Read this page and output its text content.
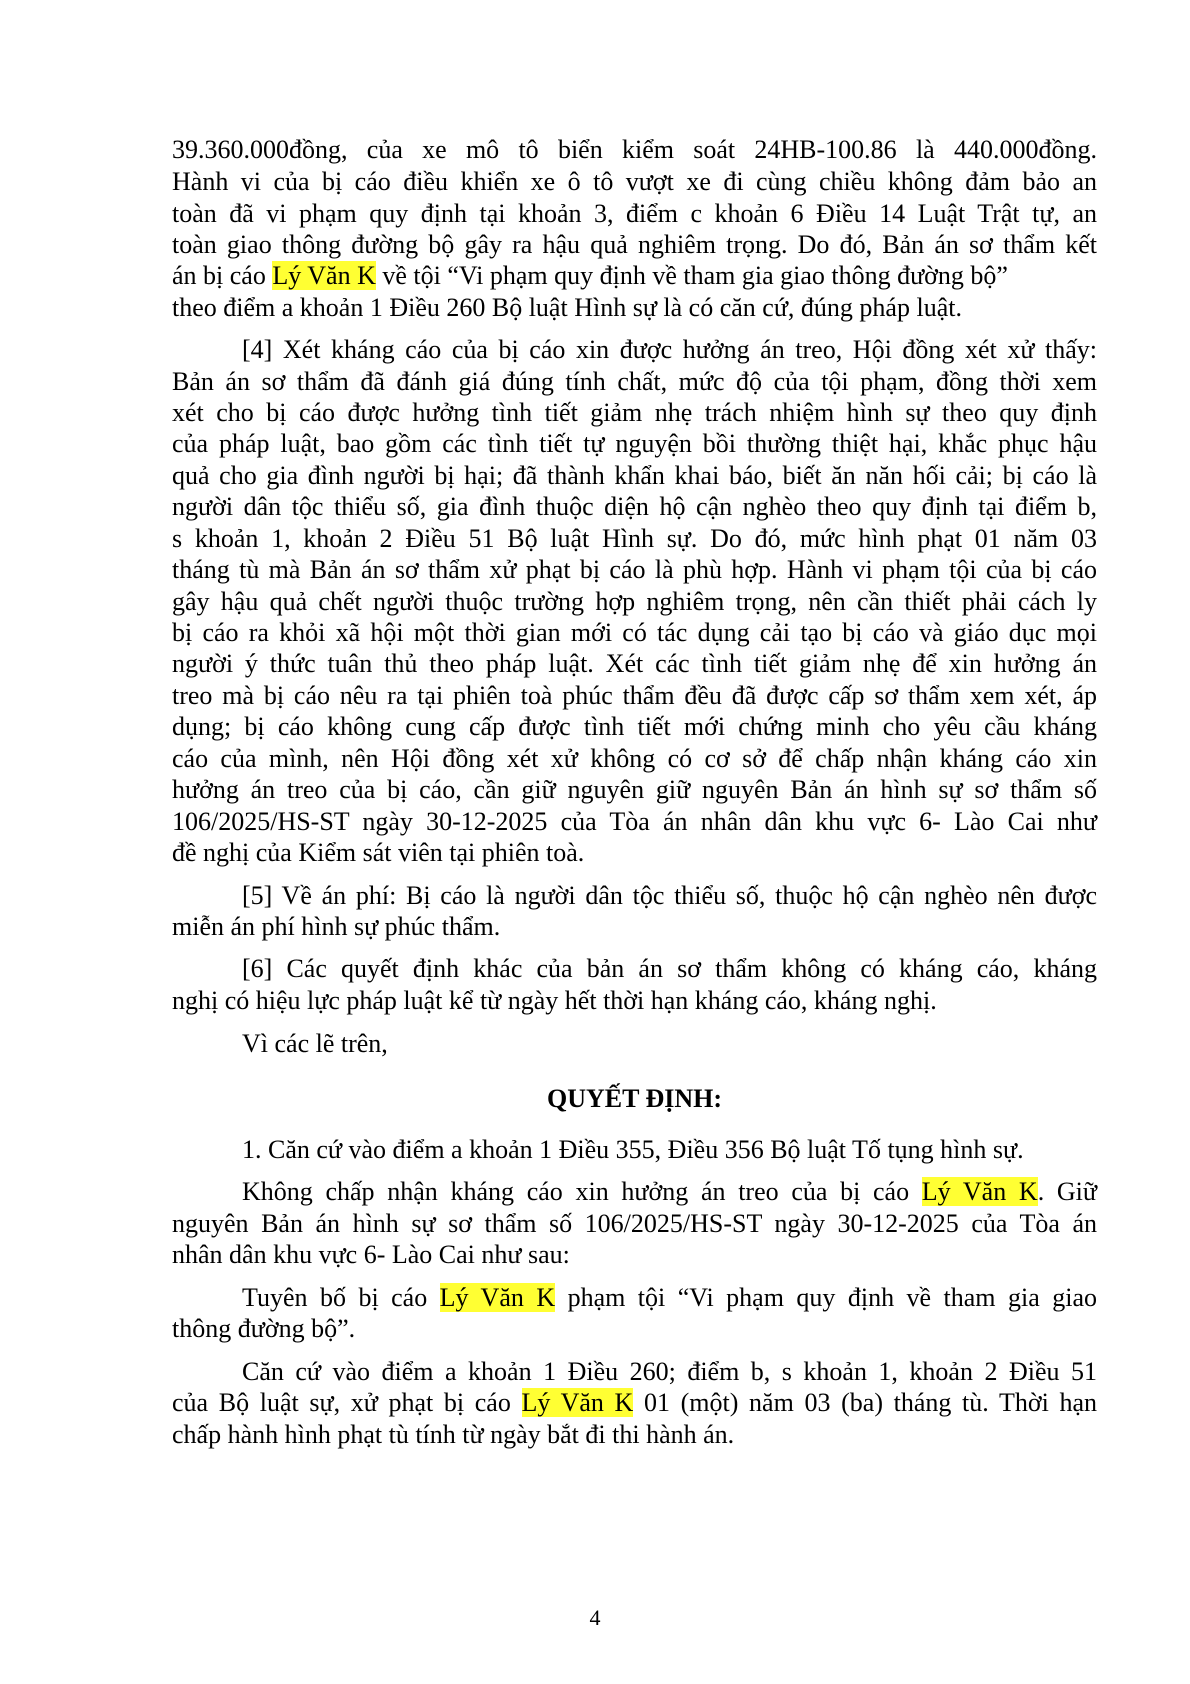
39.360.000đồng, của xe mô tô biển kiểm soát 24HB-100.86 là 440.000đồng.
Hành vi của bị cáo điều khiển xe ô tô vượt xe đi cùng chiều không đảm bảo an
toàn đã vi phạm quy định tại khoản 3, điểm c khoản 6 Điều 14 Luật Trật tự, an
toàn giao thông đường bộ gây ra hậu quả nghiêm trọng. Do đó, Bản án sơ thẩm kết
án bị cáo Lý Văn K về tội “Vi phạm quy định về tham gia giao thông đường bộ”
theo điểm a khoản 1 Điều 260 Bộ luật Hình sự là có căn cứ, đúng pháp luật.
[4] Xét kháng cáo của bị cáo xin được hưởng án treo, Hội đồng xét xử thấy:
Bản án sơ thẩm đã đánh giá đúng tính chất, mức độ của tội phạm, đồng thời xem
xét cho bị cáo được hưởng tình tiết giảm nhẹ trách nhiệm hình sự theo quy định
của pháp luật, bao gồm các tình tiết tự nguyện bồi thường thiệt hại, khắc phục hậu
quả cho gia đình người bị hại; đã thành khẩn khai báo, biết ăn năn hối cải; bị cáo là
người dân tộc thiểu số, gia đình thuộc diện hộ cận nghèo theo quy định tại điểm b,
s khoản 1, khoản 2 Điều 51 Bộ luật Hình sự. Do đó, mức hình phạt 01 năm 03
tháng tù mà Bản án sơ thẩm xử phạt bị cáo là phù hợp. Hành vi phạm tội của bị cáo
gây hậu quả chết người thuộc trường hợp nghiêm trọng, nên cần thiết phải cách ly
bị cáo ra khỏi xã hội một thời gian mới có tác dụng cải tạo bị cáo và giáo dục mọi
người ý thức tuân thủ theo pháp luật. Xét các tình tiết giảm nhẹ để xin hưởng án
treo mà bị cáo nêu ra tại phiên toà phúc thẩm đều đã được cấp sơ thẩm xem xét, áp
dụng; bị cáo không cung cấp được tình tiết mới chứng minh cho yêu cầu kháng
cáo của mình, nên Hội đồng xét xử không có cơ sở để chấp nhận kháng cáo xin
hưởng án treo của bị cáo, cần giữ nguyên giữ nguyên Bản án hình sự sơ thẩm số
106/2025/HS-ST ngày 30-12-2025 của Tòa án nhân dân khu vực 6- Lào Cai như
đề nghị của Kiểm sát viên tại phiên toà.
[5] Về án phí: Bị cáo là người dân tộc thiểu số, thuộc hộ cận nghèo nên được
miễn án phí hình sự phúc thẩm.
[6] Các quyết định khác của bản án sơ thẩm không có kháng cáo, kháng
nghị có hiệu lực pháp luật kể từ ngày hết thời hạn kháng cáo, kháng nghị.
Vì các lẽ trên,
QUYẾT ĐỊNH:
1. Căn cứ vào điểm a khoản 1 Điều 355, Điều 356 Bộ luật Tố tụng hình sự.
Không chấp nhận kháng cáo xin hưởng án treo của bị cáo Lý Văn K. Giữ
nguyên Bản án hình sự sơ thẩm số 106/2025/HS-ST ngày 30-12-2025 của Tòa án
nhân dân khu vực 6- Lào Cai như sau:
Tuyên bố bị cáo Lý Văn K phạm tội “Vi phạm quy định về tham gia giao
thông đường bộ”.
Căn cứ vào điểm a khoản 1 Điều 260; điểm b, s khoản 1, khoản 2 Điều 51
của Bộ luật sự, xử phạt bị cáo Lý Văn K 01 (một) năm 03 (ba) tháng tù. Thời hạn
chấp hành hình phạt tù tính từ ngày bắt đi thi hành án.
4
